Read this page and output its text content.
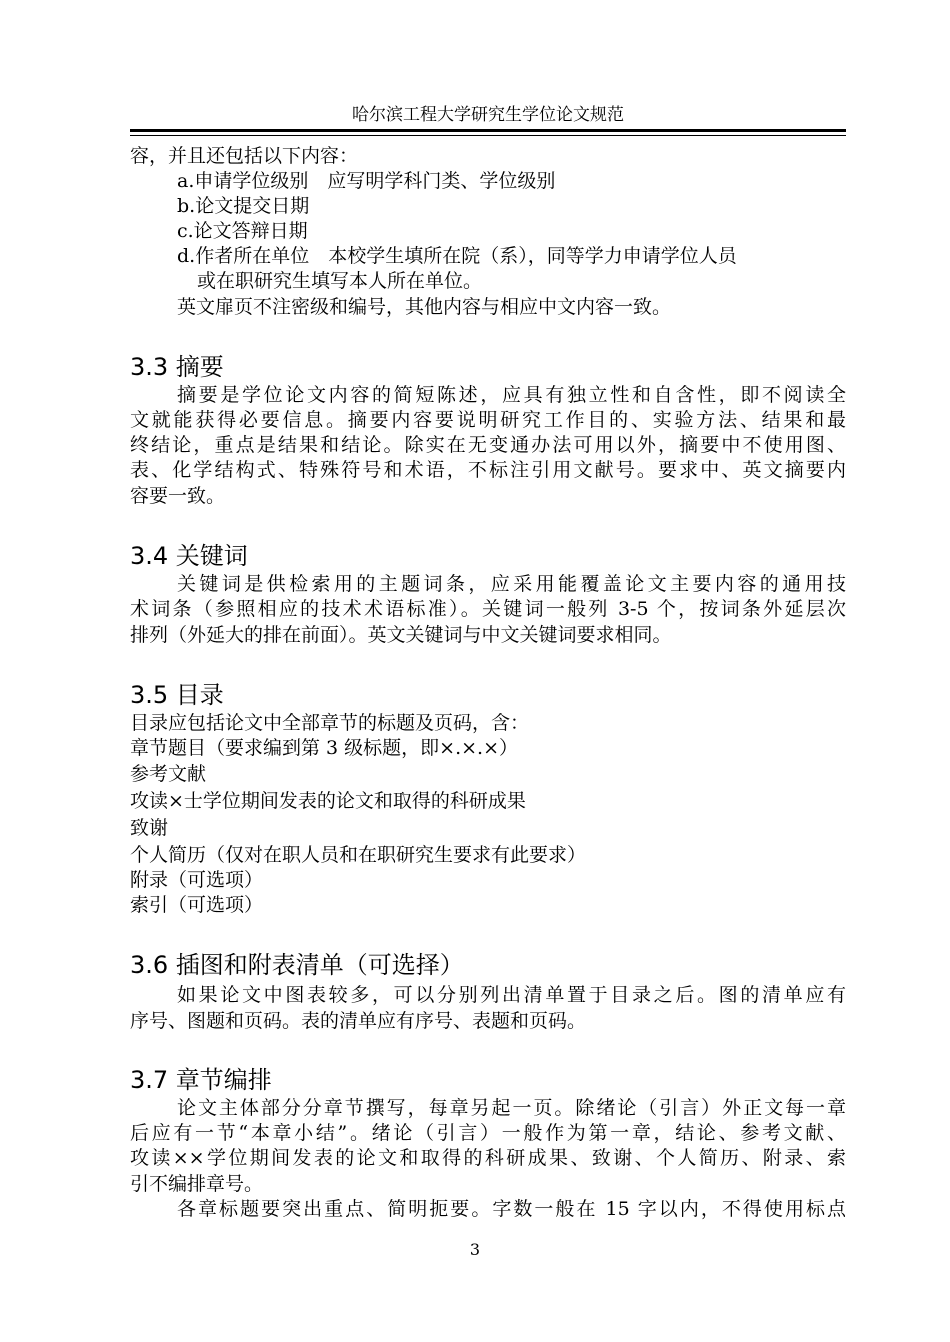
哈尔滨工程大学研究生学位论文规范
容，并且还包括以下内容：
a.申请学位级别　应写明学科门类、学位级别
b.论文提交日期
c.论文答辩日期
d.作者所在单位　本校学生填所在院（系），同等学力申请学位人员
或在职研究生填写本人所在单位。
英文扉页不注密级和编号，其他内容与相应中文内容一致。
3.3 摘要
摘要是学位论文内容的简短陈述，应具有独立性和自含性，即不阅读全
文就能获得必要信息。摘要内容要说明研究工作目的、实验方法、结果和最
终结论，重点是结果和结论。除实在无变通办法可用以外，摘要中不使用图、
表、化学结构式、特殊符号和术语，不标注引用文献号。要求中、英文摘要内
容要一致。
3.4 关键词
关键词是供检索用的主题词条，应采用能覆盖论文主要内容的通用技
术词条（参照相应的技术术语标准）。关键词一般列 3-5 个，按词条外延层次
排列（外延大的排在前面）。英文关键词与中文关键词要求相同。
3.5 目录
目录应包括论文中全部章节的标题及页码，含：
章节题目（要求编到第 3 级标题，即×.×.×）
参考文献
攻读×士学位期间发表的论文和取得的科研成果
致谢
个人简历（仅对在职人员和在职研究生要求有此要求）
附录（可选项）
索引（可选项）
3.6 插图和附表清单（可选择）
如果论文中图表较多，可以分别列出清单置于目录之后。图的清单应有
序号、图题和页码。表的清单应有序号、表题和页码。
3.7 章节编排
论文主体部分分章节撰写，每章另起一页。除绪论（引言）外正文每一章
后应有一节“本章小结”。绪论（引言）一般作为第一章，结论、参考文献、
攻读××学位期间发表的论文和取得的科研成果、致谢、个人简历、附录、索
引不编排章号。
各章标题要突出重点、简明扼要。字数一般在 15 字以内，不得使用标点
3
